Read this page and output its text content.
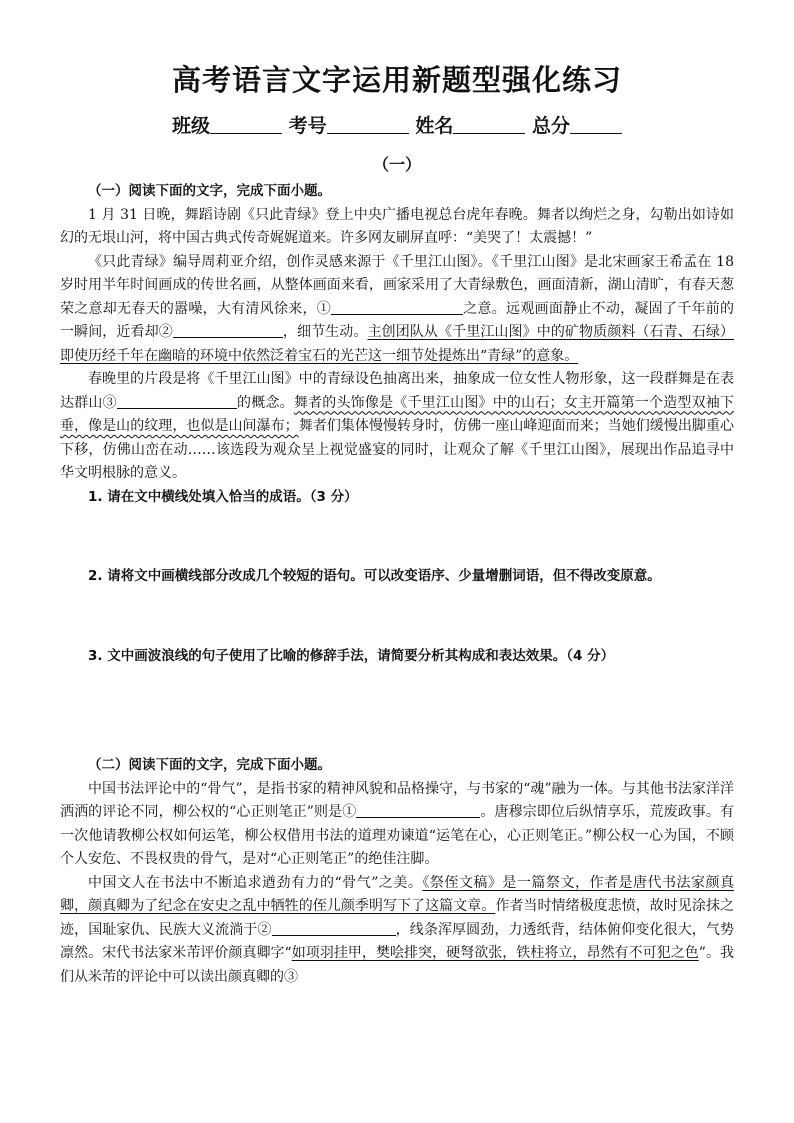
高考语言文字运用新题型强化练习
班级	考号	姓名	总分
（一）

（一）阅读下面的文字，完成下面小题。

1 月 31 日晚，舞蹈诗剧《只此青绿》登上中央广播电视总台虎年春晚。舞者以绚烂之身，勾勒出如诗如幻的无垠山河，将中国古典式传奇娓娓道来。许多网友刷屏直呼：“美哭了！太震撼！”

《只此青绿》编导周莉亚介绍，创作灵感来源于《千里江山图》。《千里江山图》是北宋画家王希孟在 18 岁时用半年时间画成的传世名画，从整体画面来看，画家采用了大青绿敷色，画面清新，湖山清旷，有春天葱荣之意却无春天的嚣噪，大有清风徐来，①	之意。远观画面静止不动，凝固了千年前的一瞬间，近看却②	，细节生动。主创团队从《千里江山图》中的矿物质颜料（石青、石绿）即使历经千年在幽暗的环境中依然泛着宝石的光芒这一细节处提炼出“青绿”的意象。

春晚里的片段是将《千里江山图》中的青绿设色抽离出来，抽象成一位女性人物形象，这一段群舞是在表达群山③	的概念。舞者的头饰像是《千里江山图》中的山石；女主开篇第一个造型双袖下垂，像是山的纹理，也似是山间瀑布；舞者们集体慢慢转身时，仿佛一座山峰迎面而来；当她们缓慢出脚重心下移，仿佛山峦在动……该选段为观众呈上视觉盛宴的同时，让观众了解《千里江山图》，展现出作品追寻中华文明根脉的意义。

1. 请在文中横线处填入恰当的成语。（3 分）

2. 请将文中画横线部分改成几个较短的语句。可以改变语序、少量增删词语，但不得改变原意。

3. 文中画波浪线的句子使用了比喻的修辞手法，请简要分析其构成和表达效果。（4 分）

（二）阅读下面的文字，完成下面小题。

中国书法评论中的“骨气”，是指书家的精神风貌和品格操守，与书家的“魂”融为一体。与其他书法家洋洋洒洒的评论不同，柳公权的“心正则笔正”则是①	。唐穆宗即位后纵情享乐，荒废政事。有一次他请教柳公权如何运笔，柳公权借用书法的道理劝谏道“运笔在心，心正则笔正。”柳公权一心为国，不顾个人安危、不畏权贵的骨气，是对“心正则笔正”的绝佳注脚。

中国文人在书法中不断追求遒劲有力的“骨气”之美。《祭侄文稿》是一篇祭文，作者是唐代书法家颜真卿，颜真卿为了纪念在安史之乱中牺牲的侄儿颜季明写下了这篇文章。作者当时情绪极度悲愤，故时见涂抹之迹，国耻家仇、民族大义流淌于②	，线条浑厚圆劲，力透纸背，结体俯仰变化很大，气势凛然。宋代书法家米芾评价颜真卿字“如项羽挂甲，樊哙排突，硬弩欲张，铁柱将立，昂然有不可犯之色”。我们从米芾的评论中可以读出颜真卿的③
